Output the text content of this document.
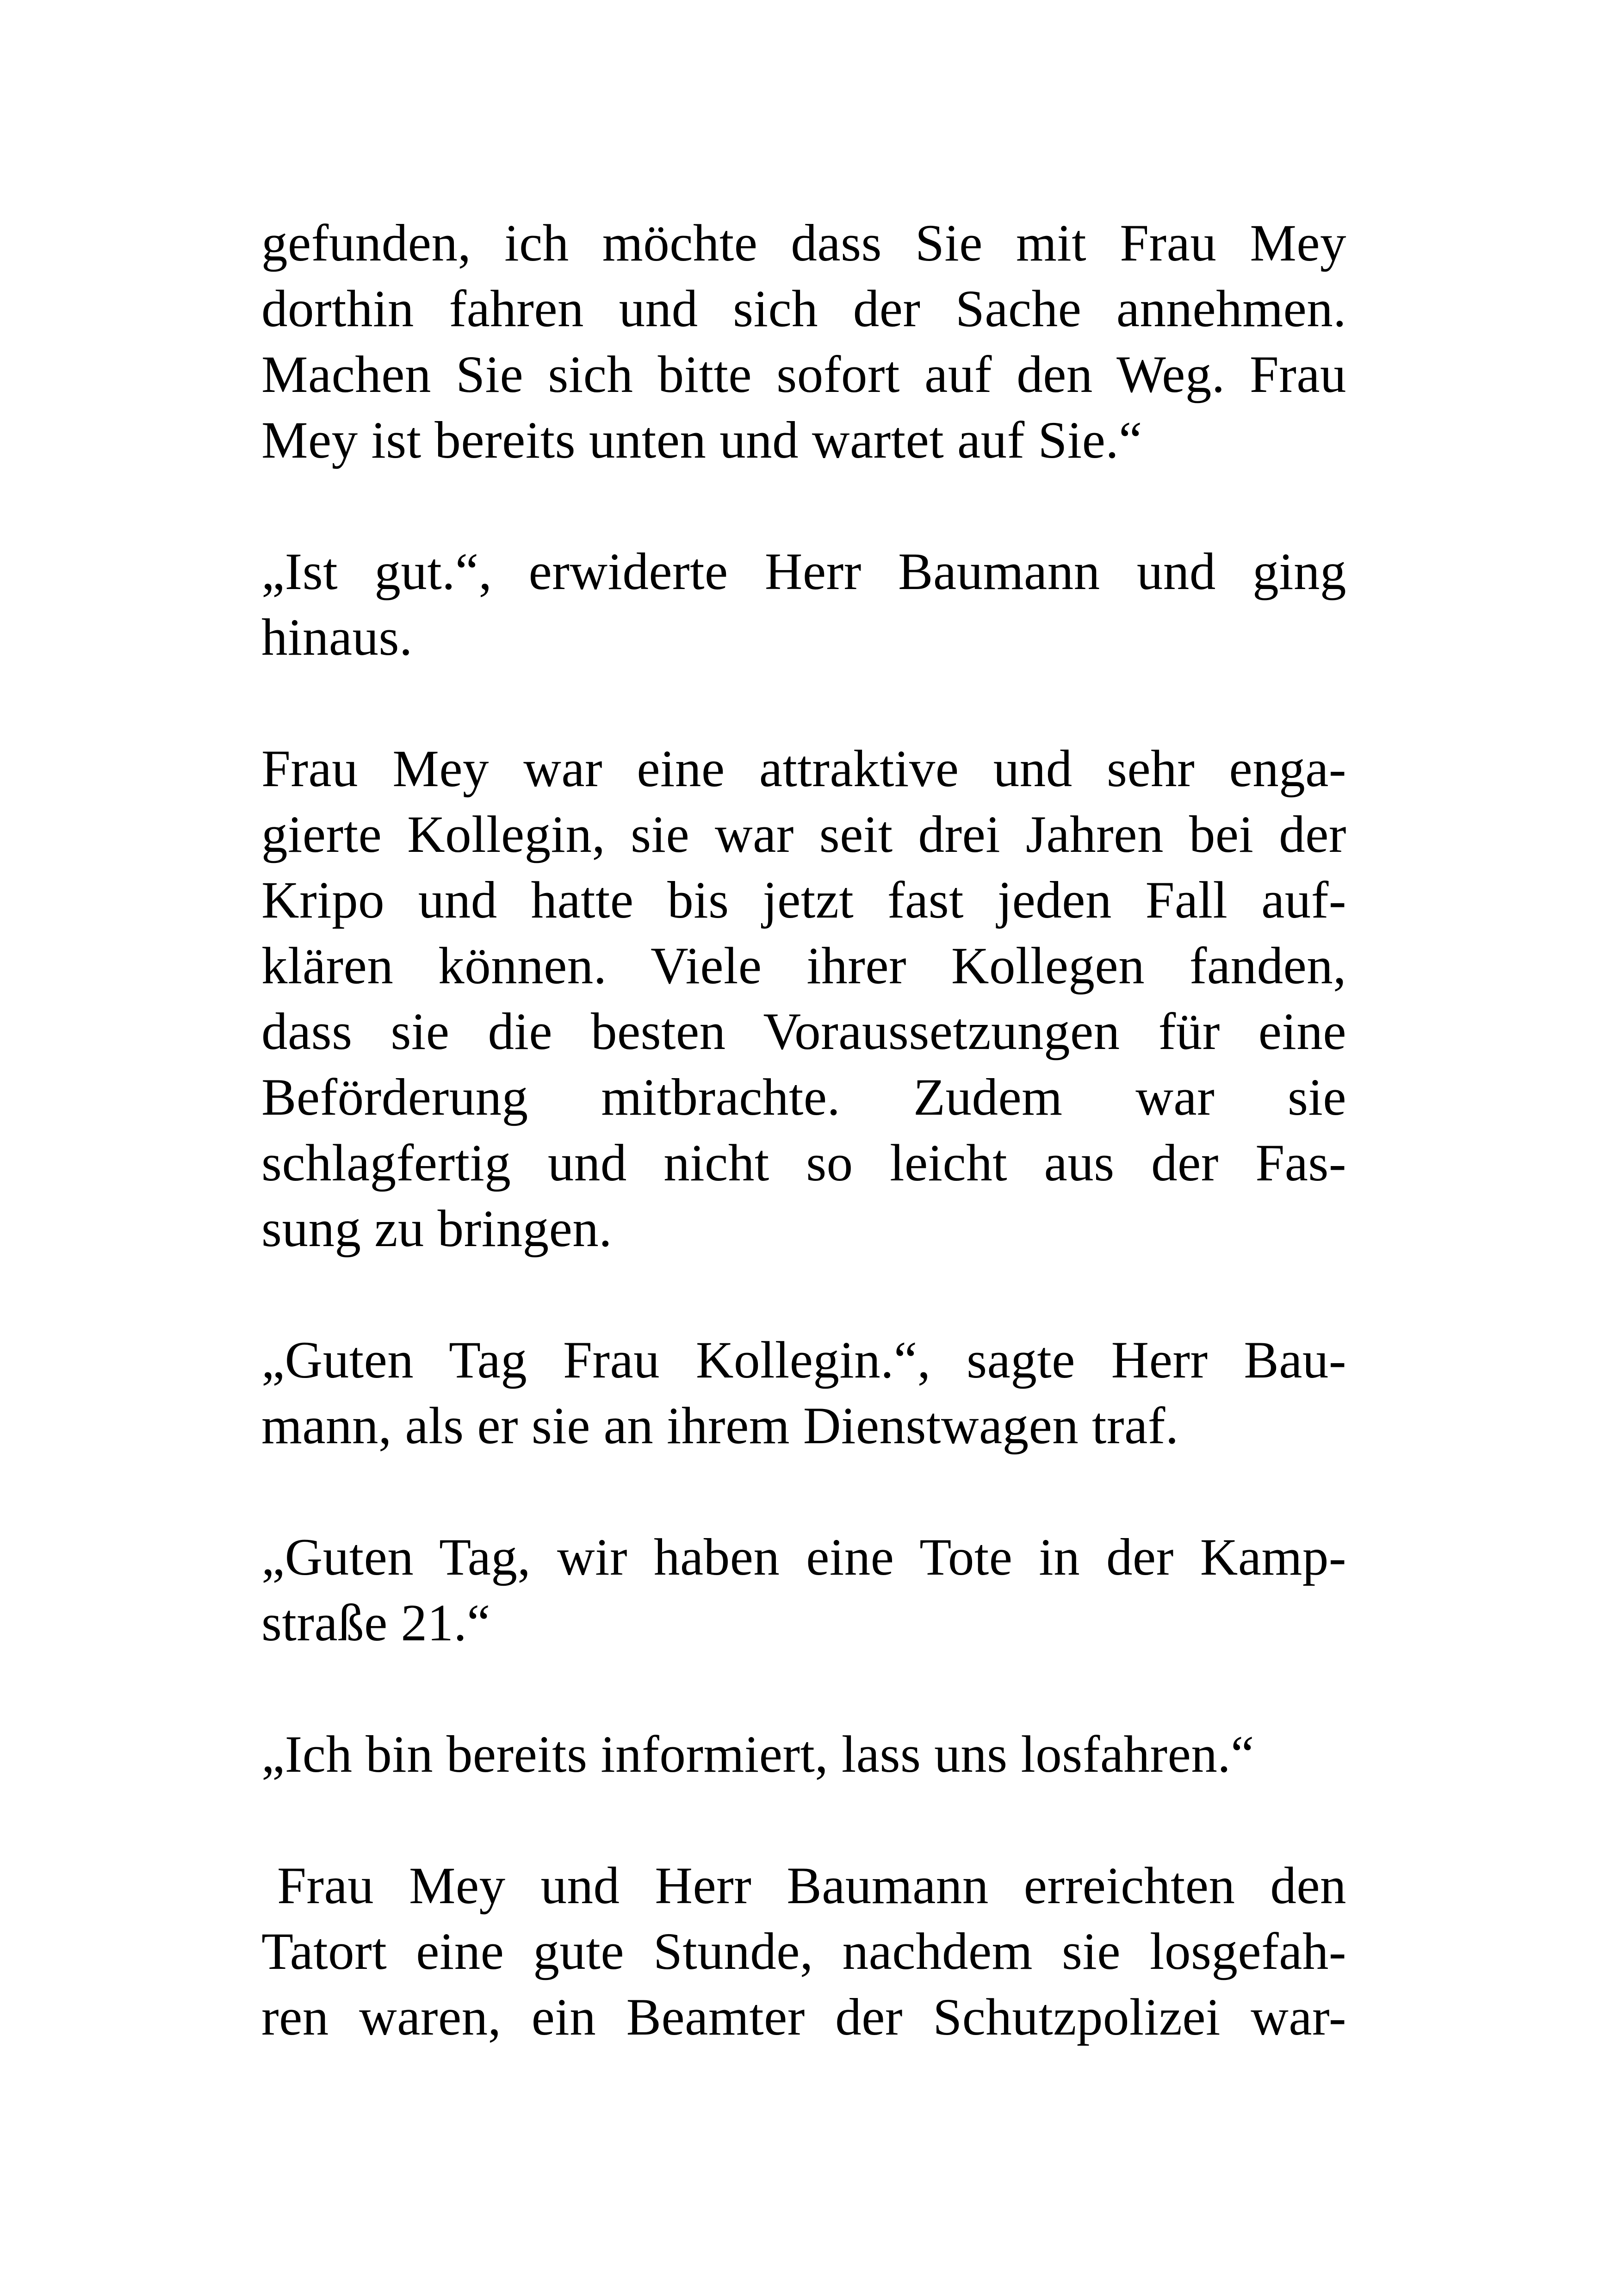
gefunden, ich möchte dass Sie mit Frau Mey
dorthin fahren und sich der Sache annehmen.
Machen Sie sich bitte sofort auf den Weg. Frau
Mey ist bereits unten und wartet auf Sie.“
„Ist gut.“, erwiderte Herr Baumann und ging
hinaus.
Frau Mey war eine attraktive und sehr enga-
gierte Kollegin, sie war seit drei Jahren bei der
Kripo und hatte bis jetzt fast jeden Fall auf-
klären können. Viele ihrer Kollegen fanden,
dass sie die besten Voraussetzungen für eine
Beförderung mitbrachte. Zudem war sie
schlagfertig und nicht so leicht aus der Fas-
sung zu bringen.
„Guten Tag Frau Kollegin.“, sagte Herr Bau-
mann, als er sie an ihrem Dienstwagen traf.
„Guten Tag, wir haben eine Tote in der Kamp-
straße 21.“
„Ich bin bereits informiert, lass uns losfahren.“
Frau Mey und Herr Baumann erreichten den
Tatort eine gute Stunde, nachdem sie losgefah-
ren waren, ein Beamter der Schutzpolizei war-
